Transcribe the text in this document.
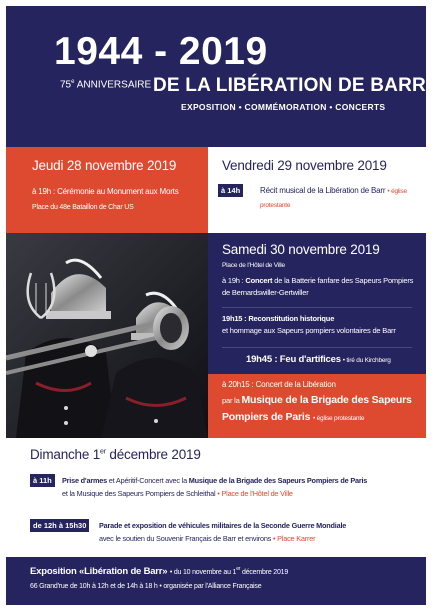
1944 - 2019
75e ANNIVERSAIRE DE LA LIBÉRATION DE BARR
EXPOSITION • COMMÉMORATION • CONCERTS
Jeudi 28 novembre 2019
à 19h : Cérémonie au Monument aux Morts
Place du 48e Bataillon de Char US
Vendredi 29 novembre 2019
à 14h	Récit musical de la Libération de Barr • église protestante
Samedi 30 novembre 2019
Place de l'Hôtel de Ville
à 19h : Concert de la Batterie fanfare des Sapeurs Pompiers de Bernardswiller-Gertwiller
19h15 : Reconstitution historique
et hommage aux Sapeurs pompiers volontaires de Barr
19h45 : Feu d'artifices • tiré du Kirchberg
à 20h15 : Concert de la Libération
par la Musique de la Brigade des Sapeurs
Pompiers de Paris • église protestante
Dimanche 1er décembre 2019
à 11h	Prise d'armes et Apéritif-Concert avec la Musique de la Brigade des Sapeurs Pompiers de Paris
et la Musique des Sapeurs Pompiers de Schleithal • Place de l'Hôtel de Ville
de 12h à 15h30	Parade et exposition de véhicules militaires de la Seconde Guerre Mondiale
avec le soutien du Souvenir Français de Barr et environs • Place Karrer
Exposition «Libération de Barr» • du 10 novembre au 1er décembre 2019
66 Grand'rue de 10h à 12h et de 14h à 18 h • organisée par l'Alliance Française
